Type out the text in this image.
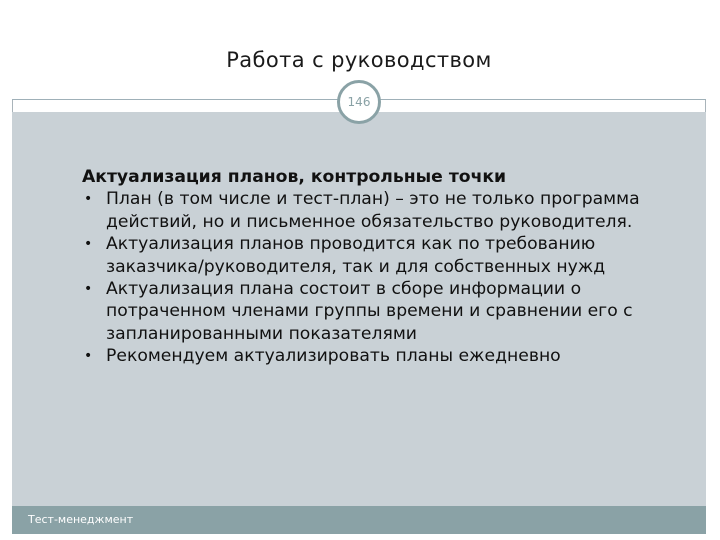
Работа с руководством
146
Актуализация планов, контрольные точки
• План (в том числе и тест-план) – это не только программа действий, но и письменное обязательство руководителя.
• Актуализация планов проводится как по требованию заказчика/руководителя, так и для собственных нужд
• Актуализация плана состоит в сборе информации о потраченном членами группы времени и сравнении его с запланированными показателями
• Рекомендуем актуализировать планы ежедневно
Тест-менеджмент
